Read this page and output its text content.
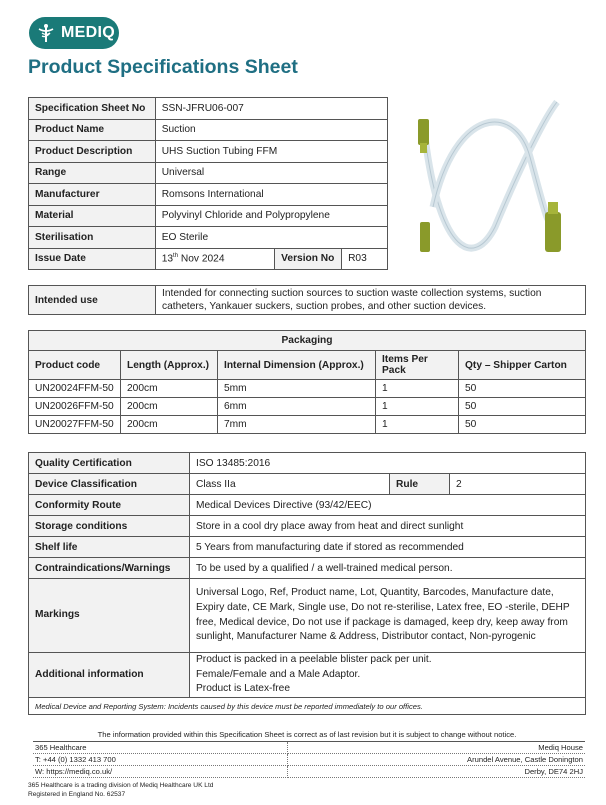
MEDIQ
Product Specifications Sheet
Specification Sheet No	SSN-JFRU06-007		
Product Name	Suction		
Product Description	UHS Suction Tubing FFM		
Range	Universal		
Manufacturer	Romsons International		
Material	Polyvinyl Chloride and Polypropylene		
Sterilisation	EO Sterile		
Issue Date	13th Nov 2024	Version No	R03
Intended use	Intended for connecting suction sources to suction waste collection systems, suction catheters, Yankauer suckers, suction probes, and other suction devices.
Packaging				
Product code	Length (Approx.)	Internal Dimension (Approx.)	Items Per Pack	Qty – Shipper Carton
UN20024FFM-50	200cm	5mm	1	50
UN20026FFM-50	200cm	6mm	1	50
UN20027FFM-50	200cm	7mm	1	50
Quality Certification	ISO 13485:2016		
Device Classification	Class IIa	Rule	2
Conformity Route	Medical Devices Directive (93/42/EEC)		
Storage conditions	Store in a cool dry place away from heat and direct sunlight		
Shelf life	5 Years from manufacturing date if stored as recommended		
Contraindications/Warnings	To be used by a qualified / a well-trained medical person.		
Markings	Universal Logo, Ref, Product name, Lot, Quantity, Barcodes, Manufacture date, Expiry date, CE Mark, Single use, Do not re-sterilise, Latex free, EO -sterile, DEHP free, Medical device, Do not use if package is damaged, keep dry, keep away from sunlight, Manufacturer Name & Address, Distributor contact, Non-pyrogenic		
Additional information	Product is packed in a peelable blister pack per unit.
Female/Female and a Male Adaptor.
Product is Latex-free		

Medical Device and Reporting System: Incidents caused by this device must be reported immediately to our offices.			
The information provided within this Specification Sheet is correct as of last revision but it is subject to change without notice.
365 Healthcare	Mediq House
T: +44 (0) 1332 413 700	Arundel Avenue, Castle Donington
W: https://mediq.co.uk/	Derby, DE74 2HJ
365 Healthcare is a trading division of Mediq Healthcare UK Ltd
Registered in England No. 62537
